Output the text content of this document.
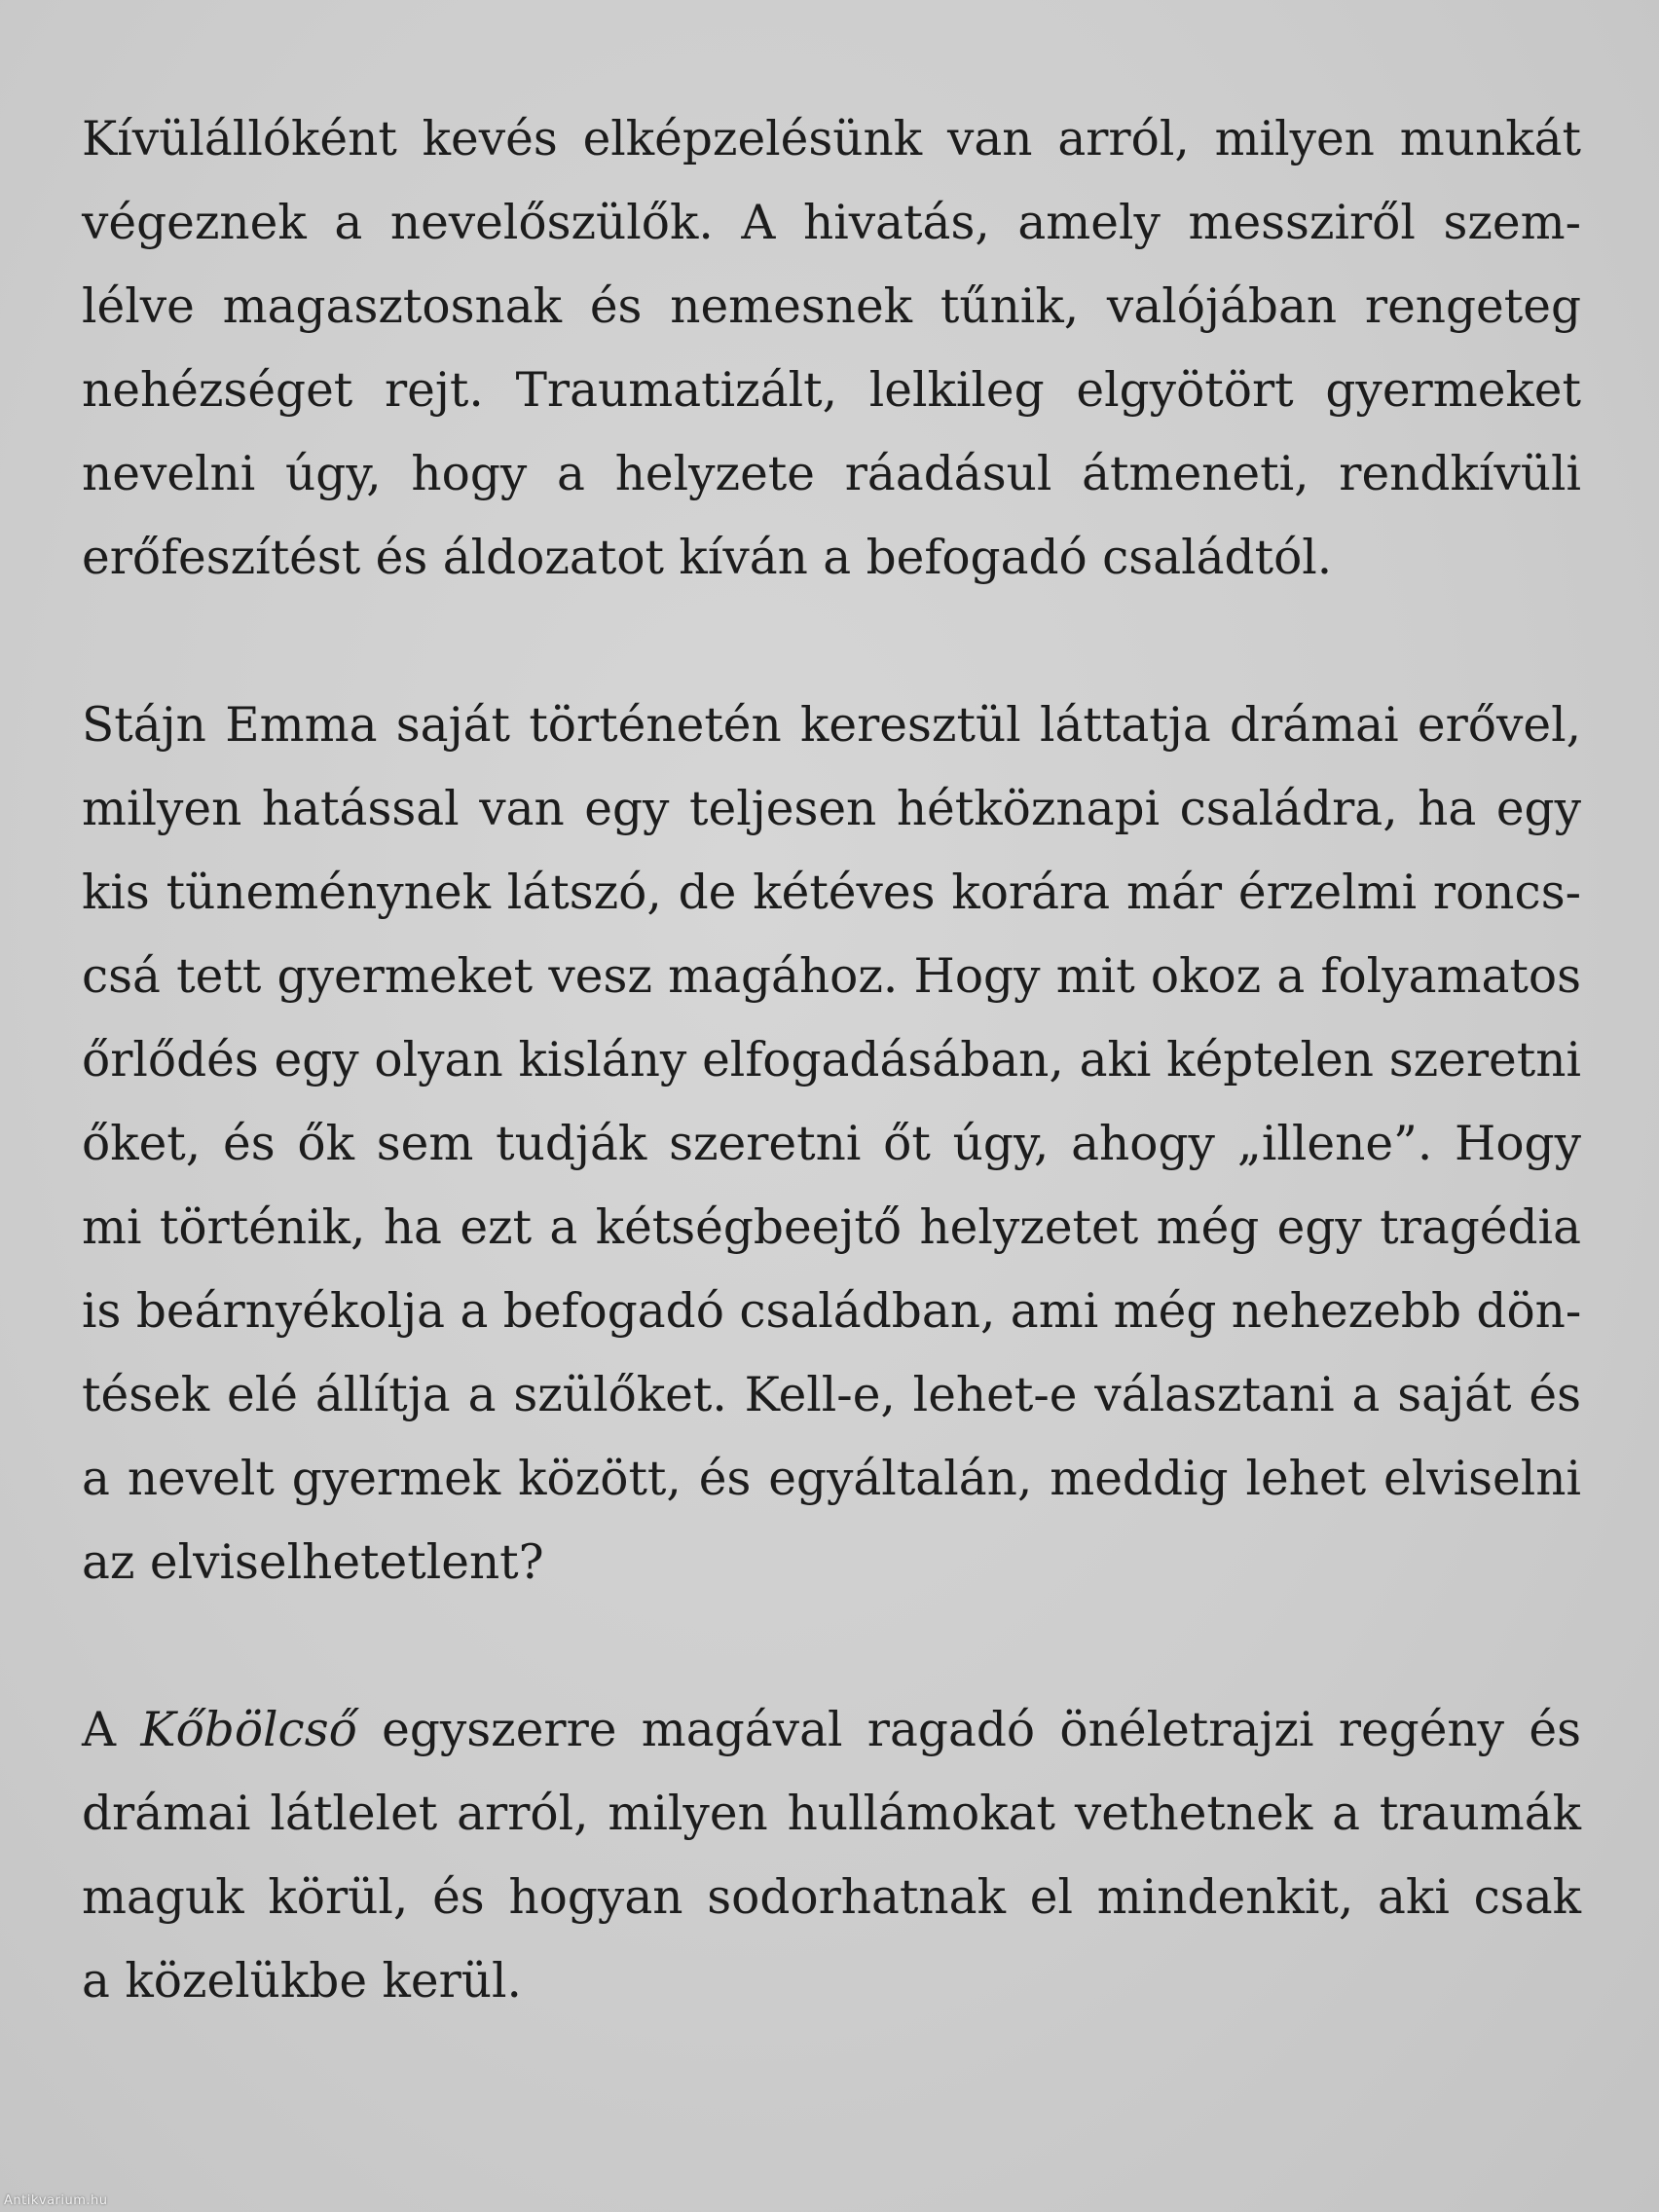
Kívülállóként kevés elképzelésünk van arról, milyen munkát
végeznek a nevelőszülők. A hivatás, amely messziről szem-
lélve magasztosnak és nemesnek tűnik, valójában rengeteg
nehézséget rejt. Traumatizált, lelkileg elgyötört gyermeket
nevelni úgy, hogy a helyzete ráadásul átmeneti, rendkívüli
erőfeszítést és áldozatot kíván a befogadó családtól.
Stájn Emma saját történetén keresztül láttatja drámai erővel,
milyen hatással van egy teljesen hétköznapi családra, ha egy
kis tüneménynek látszó, de kétéves korára már érzelmi roncs-
csá tett gyermeket vesz magához. Hogy mit okoz a folyamatos
őrlődés egy olyan kislány elfogadásában, aki képtelen szeretni
őket, és ők sem tudják szeretni őt úgy, ahogy „illene”. Hogy
mi történik, ha ezt a kétségbeejtő helyzetet még egy tragédia
is beárnyékolja a befogadó családban, ami még nehezebb dön-
tések elé állítja a szülőket. Kell-e, lehet-e választani a saját és
a nevelt gyermek között, és egyáltalán, meddig lehet elviselni
az elviselhetetlent?
A Kőbölcső egyszerre magával ragadó önéletrajzi regény és
drámai látlelet arról, milyen hullámokat vethetnek a traumák
maguk körül, és hogyan sodorhatnak el mindenkit, aki csak
a közelükbe kerül.
Antikvarium.hu
